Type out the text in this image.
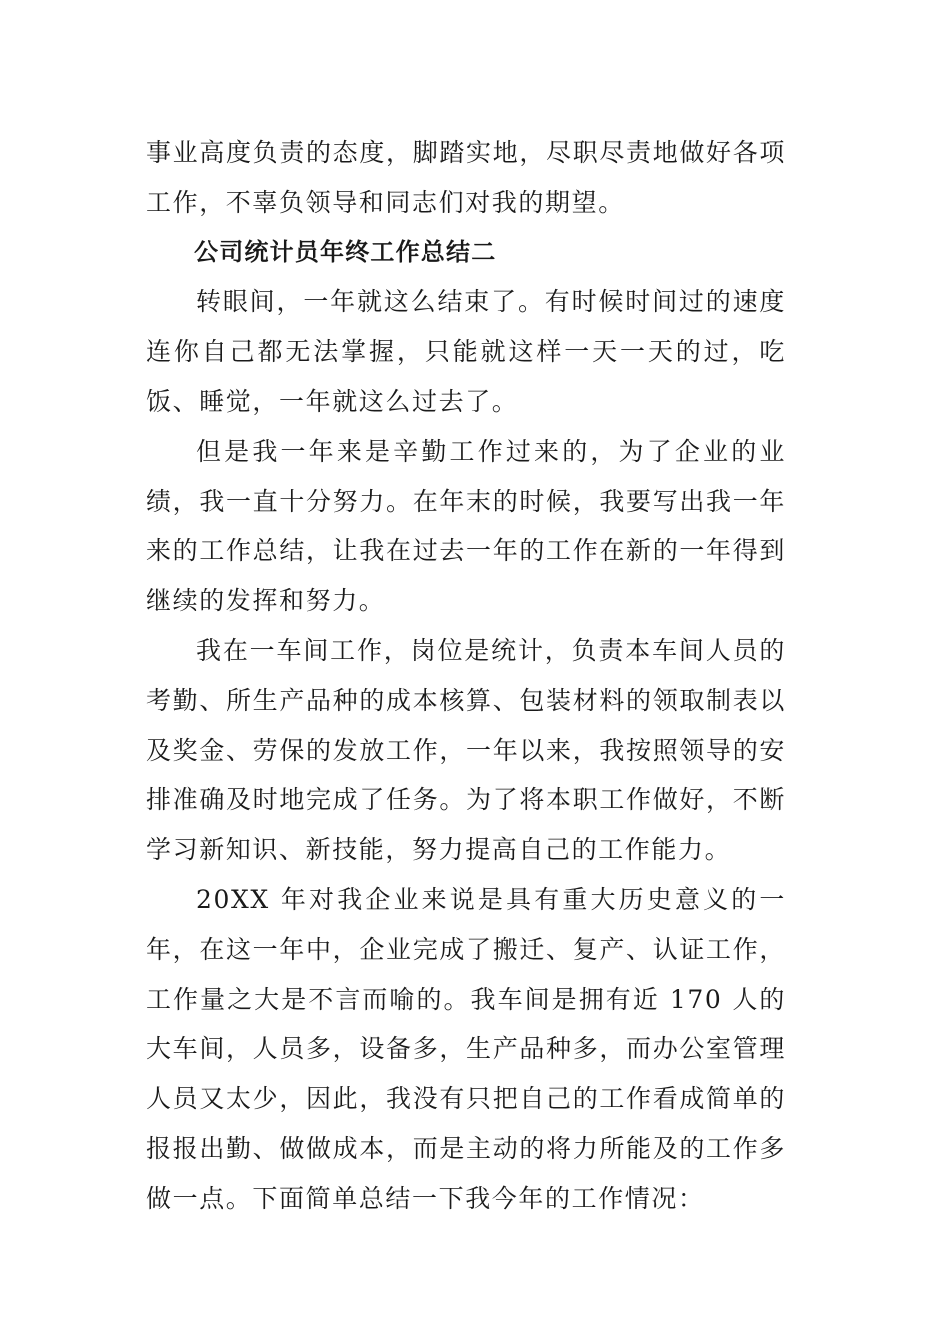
事业高度负责的态度，脚踏实地，尽职尽责地做好各项工作，不辜负领导和同志们对我的期望。

公司统计员年终工作总结二

转眼间，一年就这么结束了。有时候时间过的速度连你自己都无法掌握，只能就这样一天一天的过，吃饭、睡觉，一年就这么过去了。

但是我一年来是辛勤工作过来的，为了企业的业绩，我一直十分努力。在年末的时候，我要写出我一年来的工作总结，让我在过去一年的工作在新的一年得到继续的发挥和努力。

我在一车间工作，岗位是统计，负责本车间人员的考勤、所生产品种的成本核算、包装材料的领取制表以及奖金、劳保的发放工作，一年以来，我按照领导的安排准确及时地完成了任务。为了将本职工作做好，不断学习新知识、新技能，努力提高自己的工作能力。

20XX 年对我企业来说是具有重大历史意义的一年，在这一年中，企业完成了搬迁、复产、认证工作，工作量之大是不言而喻的。我车间是拥有近 170 人的大车间，人员多，设备多，生产品种多，而办公室管理人员又太少，因此，我没有只把自己的工作看成简单的报报出勤、做做成本，而是主动的将力所能及的工作多做一点。下面简单总结一下我今年的工作情况：
